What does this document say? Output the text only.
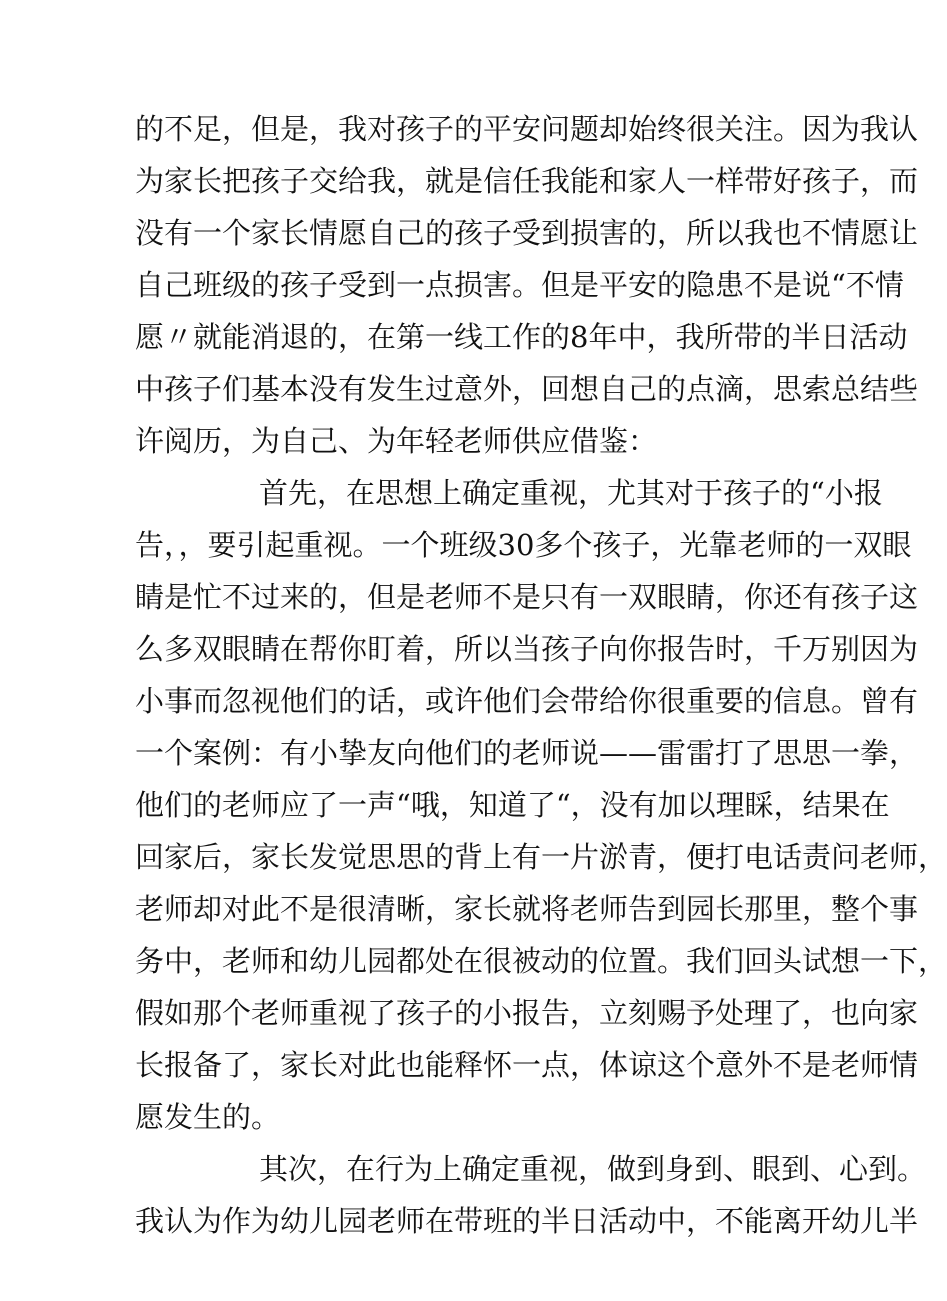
的不足，但是，我对孩子的平安问题却始终很关注。因为我认
为家长把孩子交给我，就是信任我能和家人一样带好孩子，而
没有一个家长情愿自己的孩子受到损害的，所以我也不情愿让
自己班级的孩子受到一点损害。但是平安的隐患不是说“不情
愿〃就能消退的，在第一线工作的8年中，我所带的半日活动
中孩子们基本没有发生过意外，回想自己的点滴，思索总结些
许阅历，为自己、为年轻老师供应借鉴：
首先，在思想上确定重视，尤其对于孩子的“小报
告，，要引起重视。一个班级30多个孩子，光靠老师的一双眼
睛是忙不过来的，但是老师不是只有一双眼睛，你还有孩子这
么多双眼睛在帮你盯着，所以当孩子向你报告时，千万别因为
小事而忽视他们的话，或许他们会带给你很重要的信息。曾有
一个案例：有小挚友向他们的老师说——雷雷打了思思一拳，
他们的老师应了一声“哦，知道了“，没有加以理睬，结果在
回家后，家长发觉思思的背上有一片淤青，便打电话责问老师，
老师却对此不是很清晰，家长就将老师告到园长那里，整个事
务中，老师和幼儿园都处在很被动的位置。我们回头试想一下，
假如那个老师重视了孩子的小报告，立刻赐予处理了，也向家
长报备了，家长对此也能释怀一点，体谅这个意外不是老师情
愿发生的。
其次，在行为上确定重视，做到身到、眼到、心到。
我认为作为幼儿园老师在带班的半日活动中，不能离开幼儿半
